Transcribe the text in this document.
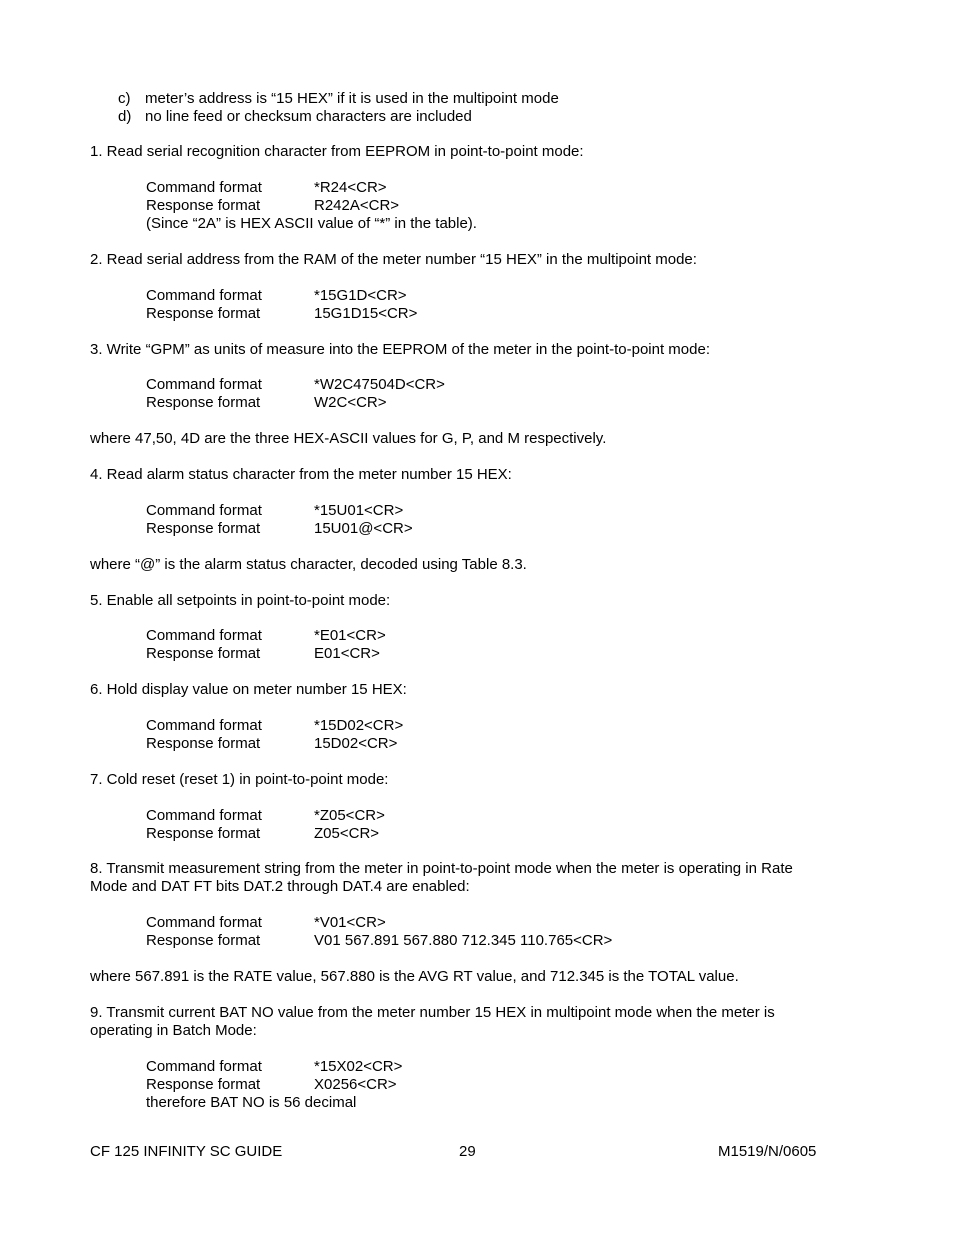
c) meter’s address is “15 HEX” if it is used in the multipoint mode
d) no line feed or checksum characters are included
1. Read serial recognition character from EEPROM in point-to-point mode:
Command format	*R24<CR>
Response format	R242A<CR>
(Since “2A” is HEX ASCII value of “*” in the table).
2. Read serial address from the RAM of the meter number “15 HEX” in the multipoint mode:
Command format	*15G1D<CR>
Response format	15G1D15<CR>
3. Write “GPM” as units of measure into the EEPROM of the meter in the point-to-point mode:
Command format	*W2C47504D<CR>
Response format	W2C<CR>
where 47,50, 4D are the three HEX-ASCII values for G, P, and M respectively.
4. Read alarm status character from the meter number 15 HEX:
Command format	*15U01<CR>
Response format	15U01@<CR>
where “@” is the alarm status character, decoded using Table 8.3.
5. Enable all setpoints in point-to-point mode:
Command format	*E01<CR>
Response format	E01<CR>
6. Hold display value on meter number 15 HEX:
Command format	*15D02<CR>
Response format	15D02<CR>
7. Cold reset (reset 1) in point-to-point mode:
Command format	*Z05<CR>
Response format	Z05<CR>
8. Transmit measurement string from the meter in point-to-point mode when the meter is operating in Rate
Mode and DAT FT bits DAT.2 through DAT.4 are enabled:
Command format	*V01<CR>
Response format	V01 567.891 567.880 712.345 110.765<CR>
where 567.891 is the RATE value, 567.880 is the AVG RT value, and 712.345 is the TOTAL value.
9. Transmit current BAT NO value from the meter number 15 HEX in multipoint mode when the meter is
operating in Batch Mode:
Command format	*15X02<CR>
Response format	X0256<CR>
therefore BAT NO is 56 decimal
CF 125 INFINITY SC GUIDE	29	M1519/N/0605
